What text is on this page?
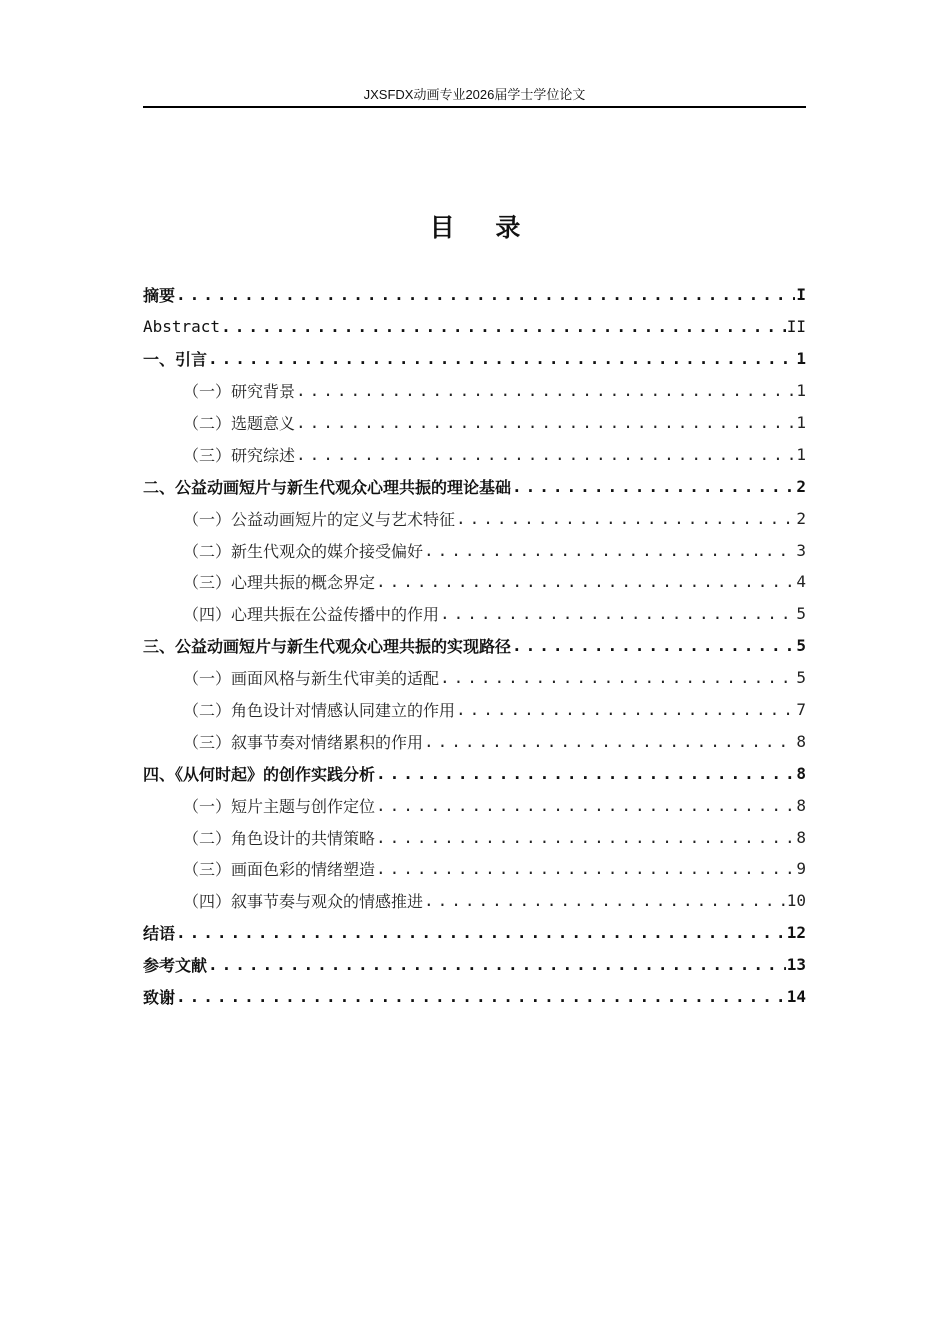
JXSFDX动画专业2026届学士学位论文
目 录
摘要 .....	I
Abstract .....	II
一、引言 .....	1
（一）研究背景 .....	1
（二）选题意义 .....	1
（三）研究综述 .....	1
二、公益动画短片与新生代观众心理共振的理论基础 .....	2
（一）公益动画短片的定义与艺术特征 .....	2
（二）新生代观众的媒介接受偏好 .....	3
（三）心理共振的概念界定 .....	4
（四）心理共振在公益传播中的作用 .....	5
三、公益动画短片与新生代观众心理共振的实现路径 .....	5
（一）画面风格与新生代审美的适配 .....	5
（二）角色设计对情感认同建立的作用 .....	7
（三）叙事节奏对情绪累积的作用 .....	8
四、《从何时起》的创作实践分析 .....	8
（一）短片主题与创作定位 .....	8
（二）角色设计的共情策略 .....	8
（三）画面色彩的情绪塑造 .....	9
（四）叙事节奏与观众的情感推进 .....	10
结语 .....	12
参考文献 .....	13
致谢 .....	14
